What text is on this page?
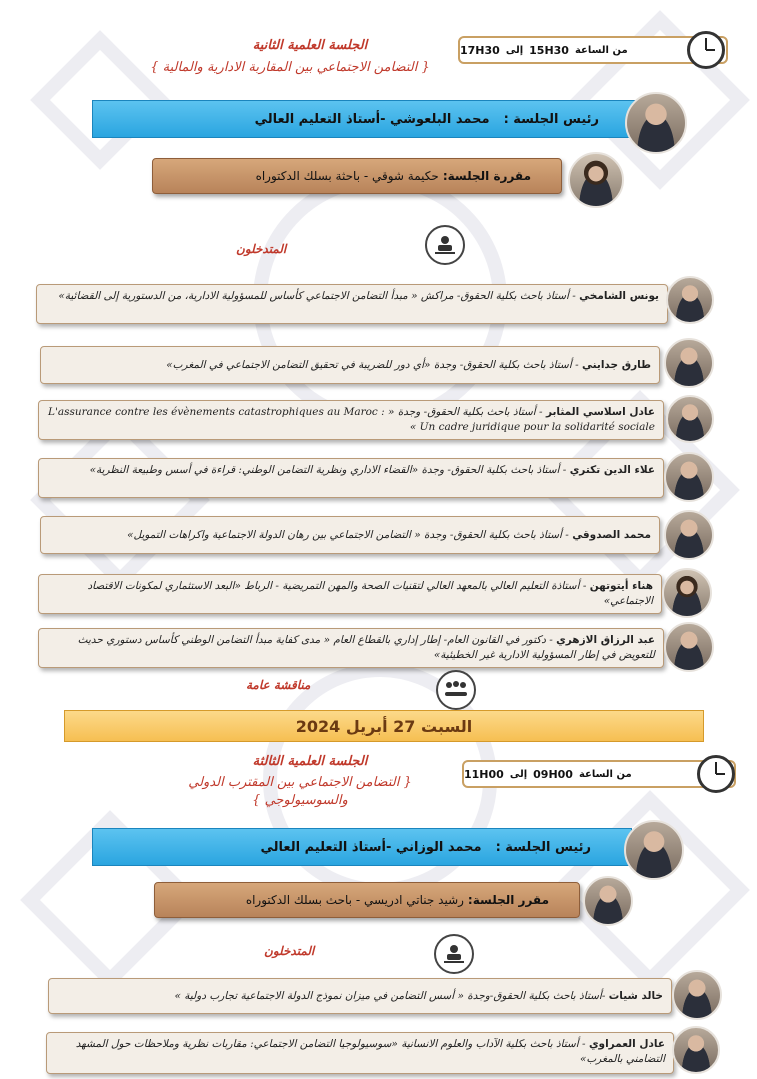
الجلسة العلمية الثانية
{ التضامن الاجتماعي بين المقاربة الادارية والمالية }
من الساعة
15H30
إلى
17H30
رئيس الجلسة :
محمد البلعوشي -أستاذ التعليم العالي
مقررة الجلسة:
حكيمة شوقي - باحثة بسلك الدكتوراه
المتدخلون
يونس الشامخي - أستاذ باحث بكلية الحقوق- مراكش « مبدأ التضامن الاجتماعي كأساس للمسؤولية الادارية، من الدستورية إلى القضائية»
طارق جدايني - أستاذ باحث بكلية الحقوق- وجدة «أي دور للضريبة في تحقيق التضامن الاجتماعي في المغرب»
عادل اسلاسي المثابر - أستاذ باحث بكلية الحقوق- وجدة « L'assurance contre les évènements catastrophiques au Maroc : Un cadre juridique pour la solidarité sociale »
علاء الدين تكتري - أستاذ باحث بكلية الحقوق- وجدة «القضاء الاداري ونظرية التضامن الوطني: قراءة في أسس وطبيعة النظرية»
محمد الصدوقي - أستاذ باحث بكلية الحقوق- وجدة « التضامن الاجتماعي بين رهان الدولة الاجتماعية واكراهات التمويل»
هناء أيتوتهن - أستاذة التعليم العالي بالمعهد العالي لتقنيات الصحة والمهن التمريضية - الرباط «البعد الاستثماري لمكونات الاقتصاد الاجتماعي»
عبد الرزاق الازهري - دكتور في القانون العام- إطار إداري بالقطاع العام « مدى كفاية مبدأ التضامن الوطني كأساس دستوري حديث للتعويض في إطار المسؤولية الادارية غير الخطيئية»
مناقشة عامة
السبت 27 أبريل 2024
الجلسة العلمية الثالثة
{ التضامن الاجتماعي بين المقترب الدولي والسوسيولوجي }
من الساعة
09H00
إلى
11H00
رئيس الجلسة :
محمد الوزاني -أستاذ التعليم العالي
مقرر الجلسة:
رشيد جناتي ادريسي - باحث بسلك الدكتوراه
المتدخلون
خالد شيات -أستاذ باحث بكلية الحقوق-وجدة « أسس التضامن في ميزان نموذج الدولة الاجتماعية تجارب دولية »
عادل العمراوي - أستاذ باحث بكلية الآداب والعلوم الانسانية «سوسيولوجيا التضامن الاجتماعي: مقاربات نظرية وملاحظات حول المشهد التضامني بالمغرب»
